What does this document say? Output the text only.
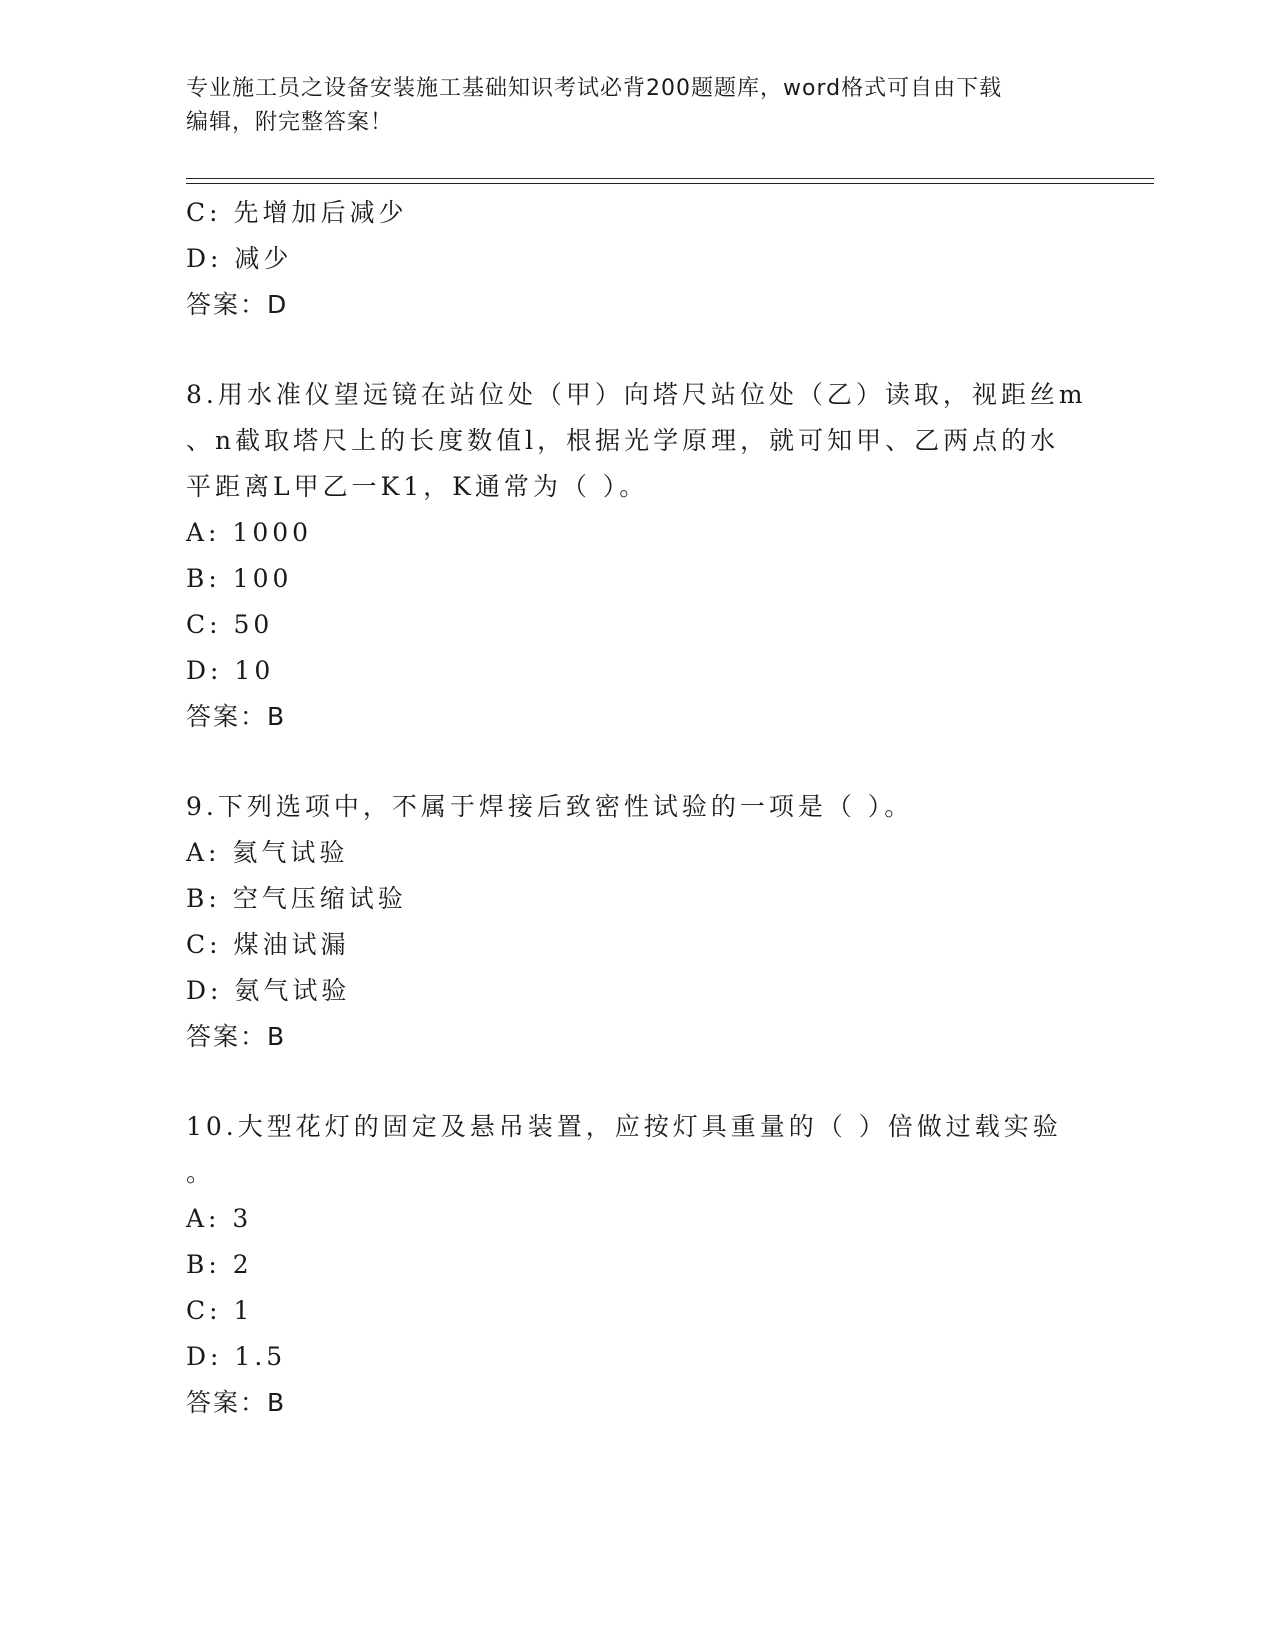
专业施工员之设备安装施工基础知识考试必背200题题库，word格式可自由下载
编辑，附完整答案！
C: 先增加后减少
D: 减少
答案：D
8.用水准仪望远镜在站位处（甲）向塔尺站位处（乙）读取，视距丝m
、n截取塔尺上的长度数值l，根据光学原理，就可知甲、乙两点的水
平距离L甲乙一K1，K通常为（ ）。
A: 1000
B: 100
C: 50
D: 10
答案：B
9.下列选项中，不属于焊接后致密性试验的一项是（ ）。
A: 氦气试验
B: 空气压缩试验
C: 煤油试漏
D: 氨气试验
答案：B
10.大型花灯的固定及悬吊装置，应按灯具重量的（ ）倍做过载实验
。
A: 3
B: 2
C: 1
D: 1.5
答案：B
